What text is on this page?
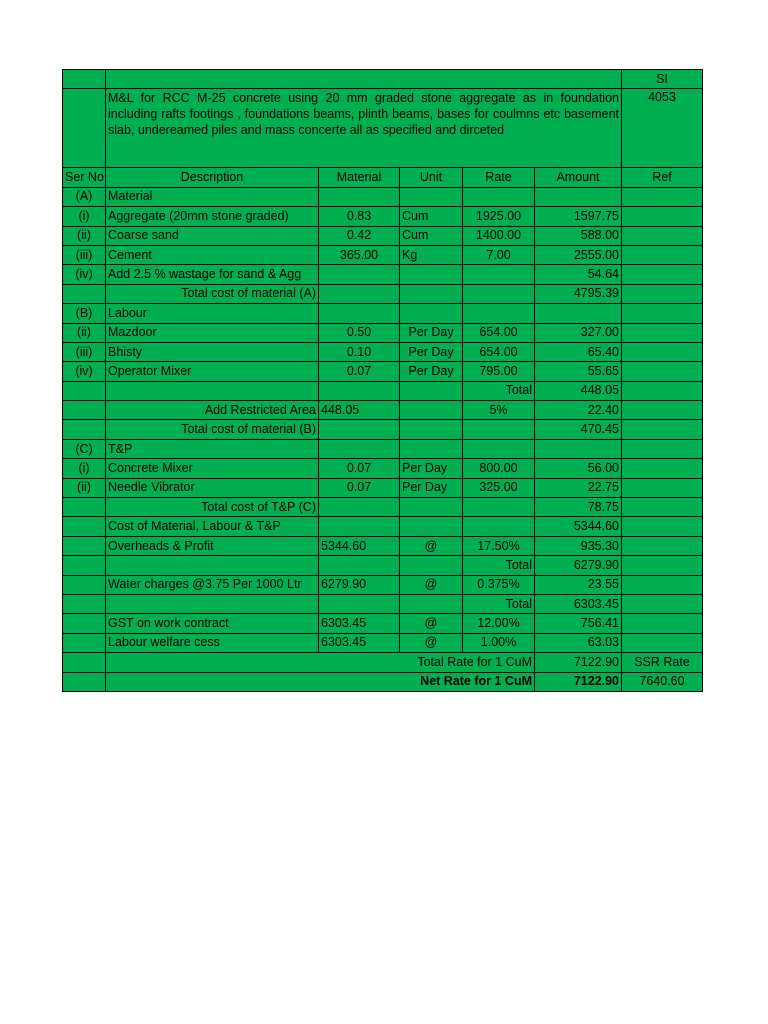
						SI
	M&L for RCC M-25 concrete using 20 mm graded stone aggregate as in foundation including rafts footings , foundations beams, plinth beams, bases for coulmns etc basement slab, undereamed piles and mass concerte all as specified and dirceted					4053
Ser No	Description	Material	Unit	Rate	Amount	Ref
(A)	Material					
(i)	Aggregate (20mm stone graded)	0.83	Cum	1925.00	1597.75	
(ii)	Coarse sand	0.42	Cum	1400.00	588.00	
(iii)	Cement	365.00	Kg	7.00	2555.00	
(iv)	Add 2.5 % wastage for sand & Agg				54.64	
	Total cost of material (A)				4795.39	
(B)	Labour					
(ii)	Mazdoor	0.50	Per Day	654.00	327.00	
(iii)	Bhisty	0.10	Per Day	654.00	65.40	
(iv)	Operator Mixer	0.07	Per Day	795.00	55.65	
				Total	448.05	
	Add Restricted Area	448.05		5%	22.40	
	Total cost of material (B)				470.45	
(C)	T&P					
(i)	Concrete Mixer	0.07	Per Day	800.00	56.00	
(ii)	Needle Vibrator	0.07	Per Day	325.00	22.75	
	Total cost of T&P (C)				78.75	
	Cost of Material, Labour & T&P				5344.60	
	Overheads & Profit	5344.60	@	17.50%	935.30	
				Total	6279.90	
	Water charges @3.75 Per 1000 Ltr	6279.90	@	0.375%	23.55	
				Total	6303.45	
	GST on work contract	6303.45	@	12.00%	756.41	
	Labour welfare cess	6303.45	@	1.00%	63.03	
	Total Rate for 1 CuM				7122.90	SSR Rate
	Net Rate for 1 CuM				7122.90	7640.60
